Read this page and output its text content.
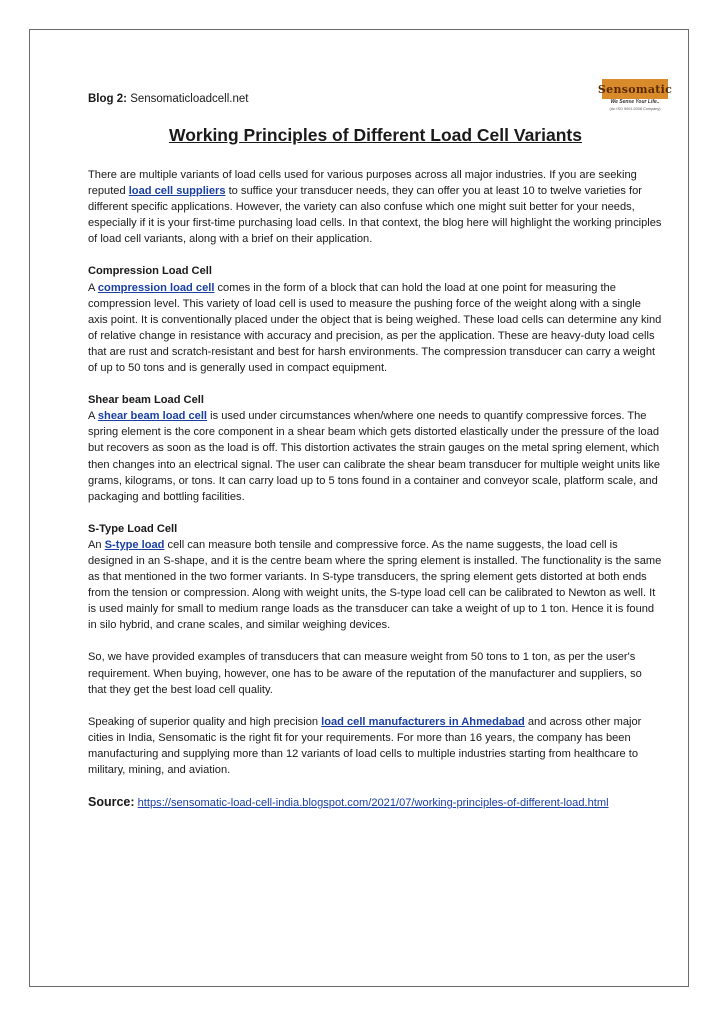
Blog 2: Sensomaticloadcell.net
Sensomatic
We Sense Your Life..
(An ISO 9001:2008 Company)
Working Principles of Different Load Cell Variants

There are multiple variants of load cells used for various purposes across all major industries. If you are seeking reputed load cell suppliers to suffice your transducer needs, they can offer you at least 10 to twelve varieties for different specific applications. However, the variety can also confuse which one might suit better for your needs, especially if it is your first-time purchasing load cells. In that context, the blog here will highlight the working principles of load cell variants, along with a brief on their application.

Compression Load Cell
A compression load cell comes in the form of a block that can hold the load at one point for measuring the compression level. This variety of load cell is used to measure the pushing force of the weight along with a single axis point. It is conventionally placed under the object that is being weighed. These load cells can determine any kind of relative change in resistance with accuracy and precision, as per the application. These are heavy-duty load cells that are rust and scratch-resistant and best for harsh environments. The compression transducer can carry a weight of up to 50 tons and is generally used in compact equipment.

Shear beam Load Cell
A shear beam load cell is used under circumstances when/where one needs to quantify compressive forces. The spring element is the core component in a shear beam which gets distorted elastically under the pressure of the load but recovers as soon as the load is off. This distortion activates the strain gauges on the metal spring element, which then changes into an electrical signal. The user can calibrate the shear beam transducer for multiple weight units like grams, kilograms, or tons. It can carry load up to 5 tons found in a container and conveyor scale, platform scale, and packaging and bottling facilities.

S-Type Load Cell
An S-type load cell can measure both tensile and compressive force. As the name suggests, the load cell is designed in an S-shape, and it is the centre beam where the spring element is installed. The functionality is the same as that mentioned in the two former variants. In S-type transducers, the spring element gets distorted at both ends from the tension or compression. Along with weight units, the S-type load cell can be calibrated to Newton as well. It is used mainly for small to medium range loads as the transducer can take a weight of up to 1 ton. Hence it is found in silo hybrid, and crane scales, and similar weighing devices.

So, we have provided examples of transducers that can measure weight from 50 tons to 1 ton, as per the user's requirement. When buying, however, one has to be aware of the reputation of the manufacturer and suppliers, so that they get the best load cell quality.

Speaking of superior quality and high precision load cell manufacturers in Ahmedabad and across other major cities in India, Sensomatic is the right fit for your requirements. For more than 16 years, the company has been manufacturing and supplying more than 12 variants of load cells to multiple industries starting from healthcare to military, mining, and aviation.

Source: https://sensomatic-load-cell-india.blogspot.com/2021/07/working-principles-of-different-load.html
